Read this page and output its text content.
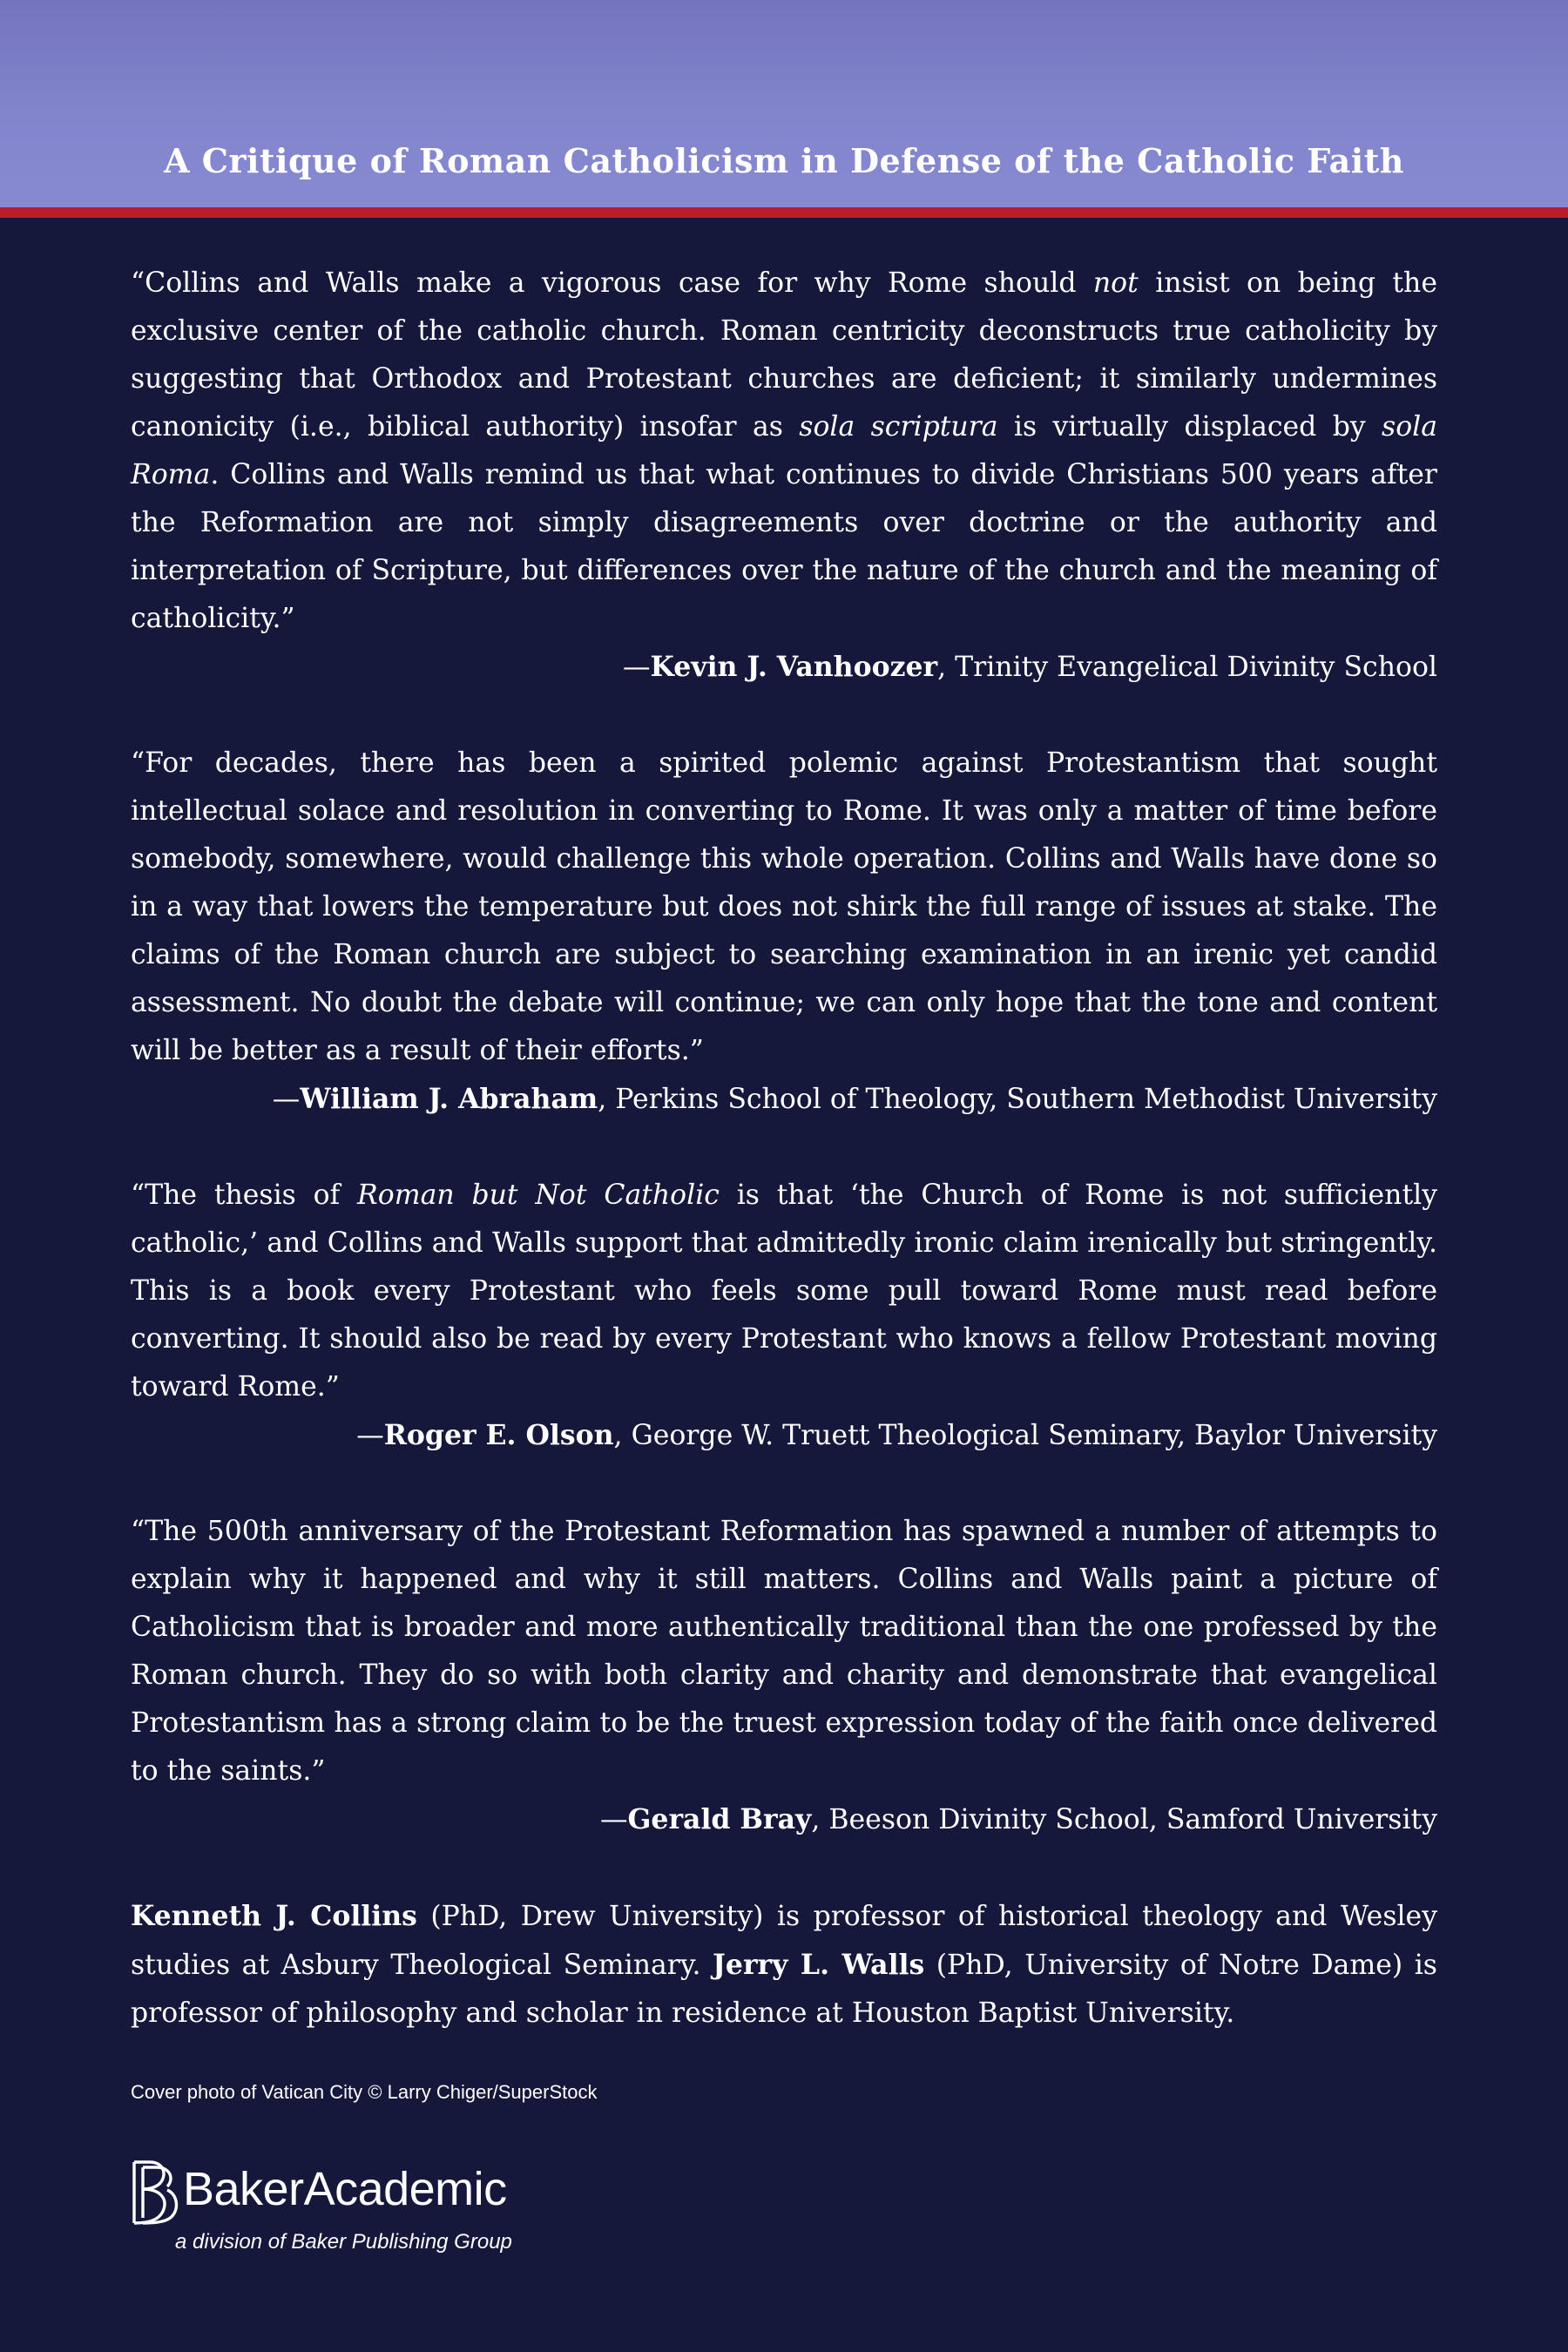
A Critique of Roman Catholicism in Defense of the Catholic Faith

“Collins and Walls make a vigorous case for why Rome should not insist on being the exclusive center of the catholic church. Roman centricity deconstructs true catholicity by suggesting that Orthodox and Protestant churches are deficient; it similarly undermines canonicity (i.e., biblical authority) insofar as sola scriptura is virtually displaced by sola Roma. Collins and Walls remind us that what continues to divide Christians 500 years after the Reformation are not simply disagreements over doctrine or the authority and interpretation of Scripture, but differences over the nature of the church and the meaning of catholicity.”

—Kevin J. Vanhoozer, Trinity Evangelical Divinity School

“For decades, there has been a spirited polemic against Protestantism that sought intellectual solace and resolution in converting to Rome. It was only a matter of time before somebody, somewhere, would challenge this whole operation. Collins and Walls have done so in a way that lowers the temperature but does not shirk the full range of issues at stake. The claims of the Roman church are subject to searching examination in an irenic yet candid assessment. No doubt the debate will continue; we can only hope that the tone and content will be better as a result of their efforts.”

—William J. Abraham, Perkins School of Theology, Southern Methodist University

“The thesis of Roman but Not Catholic is that ‘the Church of Rome is not sufficiently catholic,’ and Collins and Walls support that admittedly ironic claim irenically but stringently. This is a book every Protestant who feels some pull toward Rome must read before converting. It should also be read by every Protestant who knows a fellow Protestant moving toward Rome.”

—Roger E. Olson, George W. Truett Theological Seminary, Baylor University

“The 500th anniversary of the Protestant Reformation has spawned a number of attempts to explain why it happened and why it still matters. Collins and Walls paint a picture of Catholicism that is broader and more authentically traditional than the one professed by the Roman church. They do so with both clarity and charity and demonstrate that evangelical Protestantism has a strong claim to be the truest expression today of the faith once delivered to the saints.”

—Gerald Bray, Beeson Divinity School, Samford University

Kenneth J. Collins (PhD, Drew University) is professor of historical theology and Wesley studies at Asbury Theological Seminary. Jerry L. Walls (PhD, University of Notre Dame) is professor of philosophy and scholar in residence at Houston Baptist University.

Cover photo of Vatican City © Larry Chiger/SuperStock
BakerAcademic
a division of Baker Publishing Group
